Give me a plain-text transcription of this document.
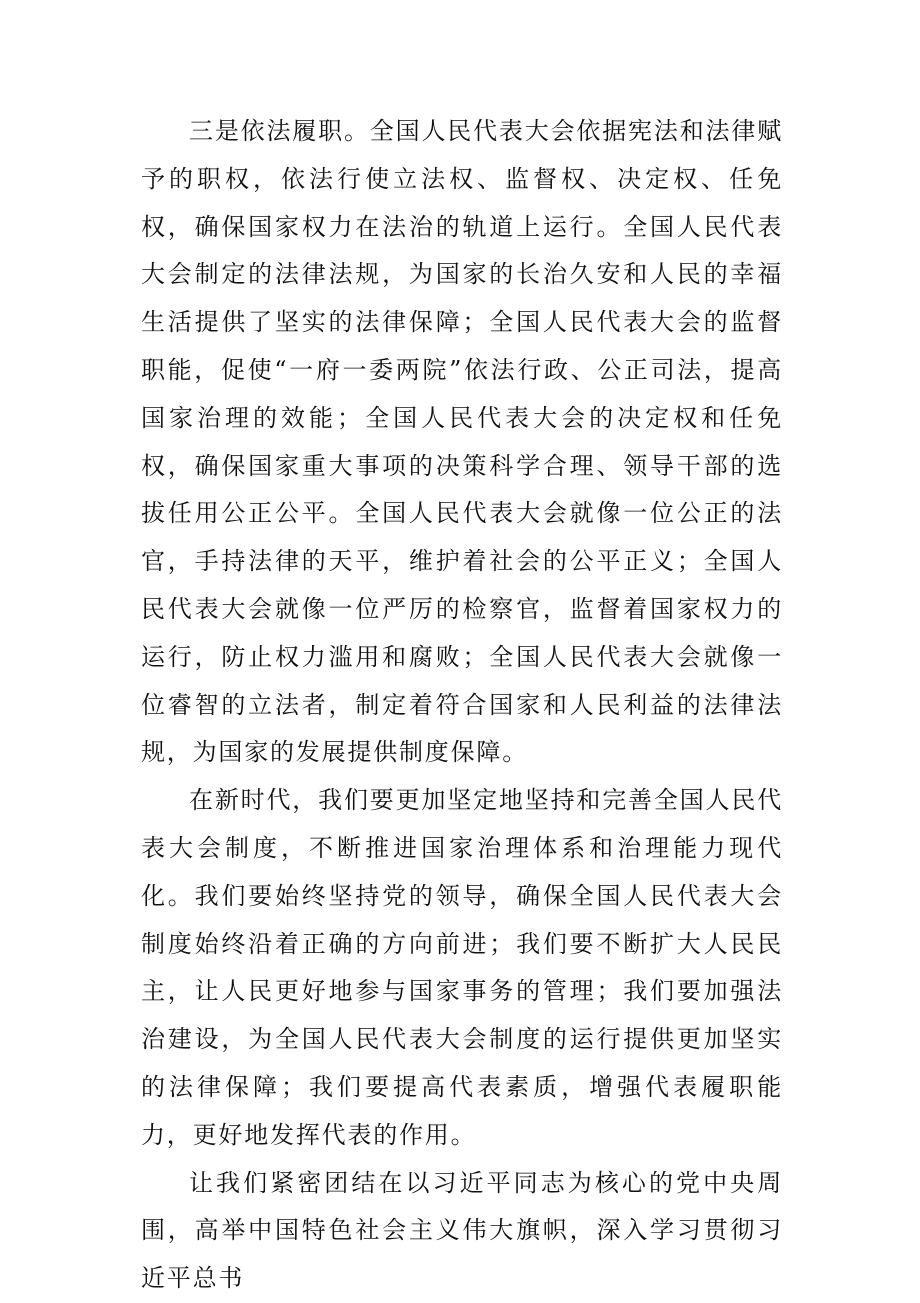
三是依法履职。全国人民代表大会依据宪法和法律赋予的职权，依法行使立法权、监督权、决定权、任免权，确保国家权力在法治的轨道上运行。全国人民代表大会制定的法律法规，为国家的长治久安和人民的幸福生活提供了坚实的法律保障；全国人民代表大会的监督职能，促使“一府一委两院”依法行政、公正司法，提高国家治理的效能；全国人民代表大会的决定权和任免权，确保国家重大事项的决策科学合理、领导干部的选拔任用公正公平。全国人民代表大会就像一位公正的法官，手持法律的天平，维护着社会的公平正义；全国人民代表大会就像一位严厉的检察官，监督着国家权力的运行，防止权力滥用和腐败；全国人民代表大会就像一位睿智的立法者，制定着符合国家和人民利益的法律法规，为国家的发展提供制度保障。

在新时代，我们要更加坚定地坚持和完善全国人民代表大会制度，不断推进国家治理体系和治理能力现代化。我们要始终坚持党的领导，确保全国人民代表大会制度始终沿着正确的方向前进；我们要不断扩大人民民主，让人民更好地参与国家事务的管理；我们要加强法治建设，为全国人民代表大会制度的运行提供更加坚实的法律保障；我们要提高代表素质，增强代表履职能力，更好地发挥代表的作用。

让我们紧密团结在以习近平同志为核心的党中央周围，高举中国特色社会主义伟大旗帜，深入学习贯彻习近平总书
